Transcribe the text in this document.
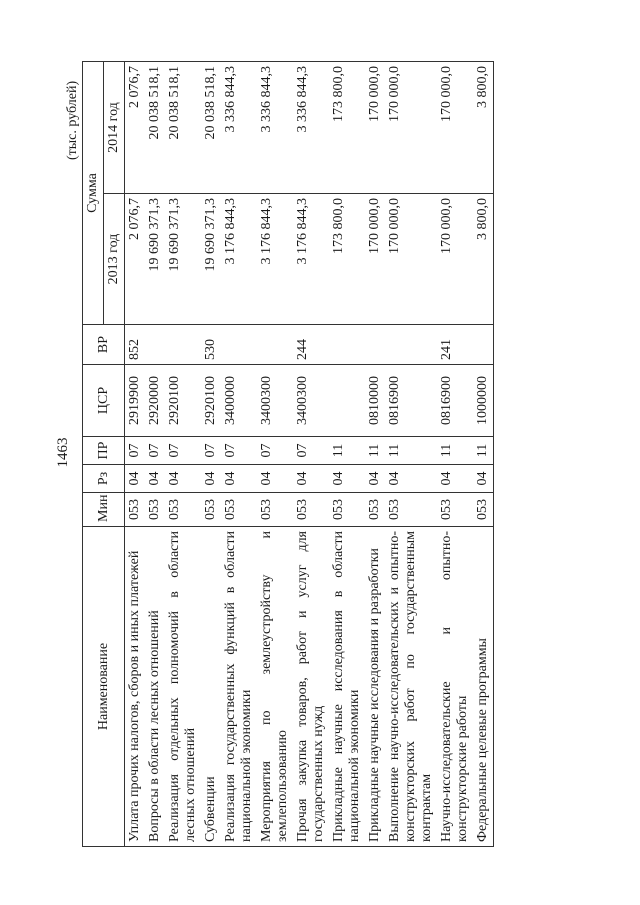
1463
(тыс. рублей)
Наименование	Мин	Рз	ПР	ЦСР	ВР	Сумма	
						2013 год	2014 год
Уплата прочих налогов, сборов и иных платежей	053	04	07	2919900	852	2 076,7	2 076,7
Вопросы в области лесных отношений	053	04	07	2920000		19 690 371,3	20 038 518,1
Реализация отдельных полномочий в области лесных отношений	053	04	07	2920100		19 690 371,3	20 038 518,1
Субвенции	053	04	07	2920100	530	19 690 371,3	20 038 518,1
Реализация государственных функций в области национальной экономики	053	04	07	3400000		3 176 844,3	3 336 844,3
Мероприятия по землеустройству и землепользованию	053	04	07	3400300		3 176 844,3	3 336 844,3
Прочая закупка товаров, работ и услуг для государственных нужд	053	04	07	3400300	244	3 176 844,3	3 336 844,3
Прикладные научные исследования в области национальной экономики	053	04	11			173 800,0	173 800,0
Прикладные научные исследования и разработки	053	04	11	0810000		170 000,0	170 000,0
Выполнение научно-исследовательских и опытно-конструкторских работ по государственным контрактам	053	04	11	0816900		170 000,0	170 000,0
Научно-исследовательские и опытно-конструкторские работы	053	04	11	0816900	241	170 000,0	170 000,0
Федеральные целевые программы	053	04	11	1000000		3 800,0	3 800,0
